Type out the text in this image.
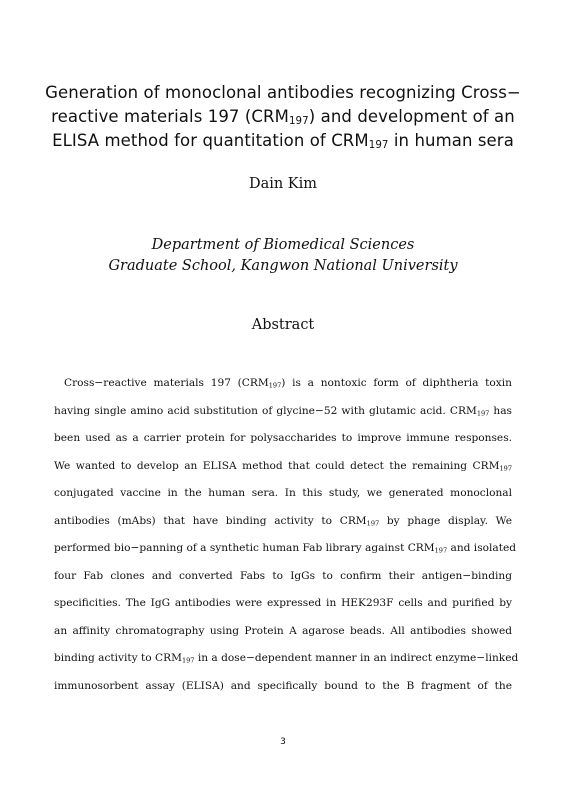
Generation of monoclonal antibodies recognizing Cross−
reactive materials 197 (CRM197) and development of an
ELISA method for quantitation of CRM197 in human sera
Dain Kim
Department of Biomedical Sciences
Graduate School, Kangwon National University
Abstract
Cross−reactive materials 197 $(CRM_{197})$ is a nontoxic form of diphtheria toxin
having single amino acid substitution of glycine−52 with glutamic acid. $CRM_{197}$ has
been used as a carrier protein for polysaccharides to improve immune responses.
We wanted to develop an ELISA method that could detect the remaining $CRM_{197}$
conjugated vaccine in the human sera. In this study, we generated monoclonal
antibodies (mAbs) that have binding activity to $CRM_{197}$ by phage display. We
performed bio−panning of a synthetic human Fab library against $CRM_{197}$ and isolated
four Fab clones and converted Fabs to IgGs to confirm their antigen−binding
specificities. The IgG antibodies were expressed in HEK293F cells and purified by
an affinity chromatography using Protein A agarose beads. All antibodies showed
binding activity to $CRM_{197}$ in a dose−dependent manner in an indirect enzyme−linked
immunosorbent assay (ELISA) and specifically bound to the B fragment of the
3
